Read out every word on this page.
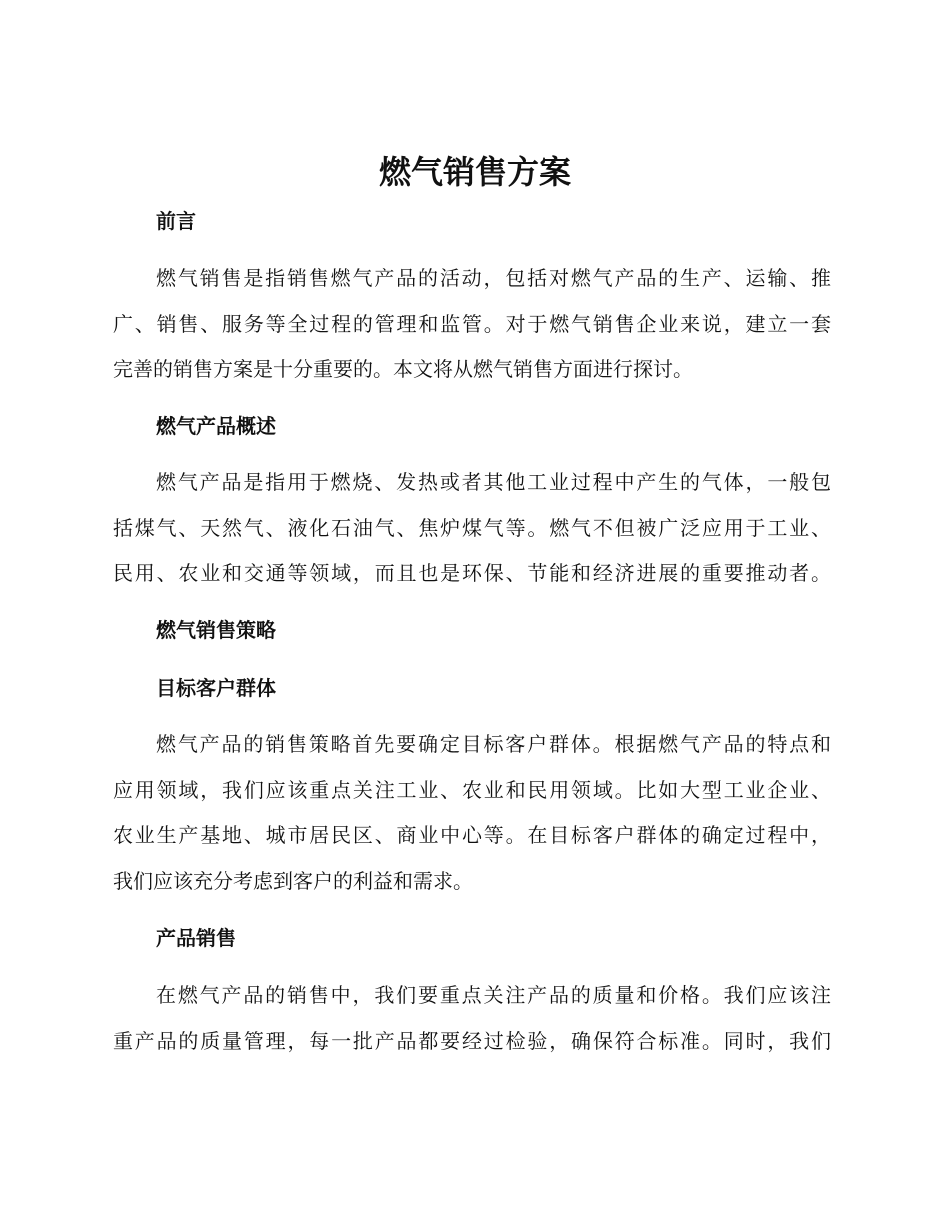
燃气销售方案
前言
燃气销售是指销售燃气产品的活动，包括对燃气产品的生产、运输、推
广、销售、服务等全过程的管理和监管。对于燃气销售企业来说，建立一套
完善的销售方案是十分重要的。本文将从燃气销售方面进行探讨。
燃气产品概述
燃气产品是指用于燃烧、发热或者其他工业过程中产生的气体，一般包
括煤气、天然气、液化石油气、焦炉煤气等。燃气不但被广泛应用于工业、
民用、农业和交通等领域，而且也是环保、节能和经济进展的重要推动者。
燃气销售策略
目标客户群体
燃气产品的销售策略首先要确定目标客户群体。根据燃气产品的特点和
应用领域，我们应该重点关注工业、农业和民用领域。比如大型工业企业、
农业生产基地、城市居民区、商业中心等。在目标客户群体的确定过程中，
我们应该充分考虑到客户的利益和需求。
产品销售
在燃气产品的销售中，我们要重点关注产品的质量和价格。我们应该注
重产品的质量管理，每一批产品都要经过检验，确保符合标准。同时，我们
